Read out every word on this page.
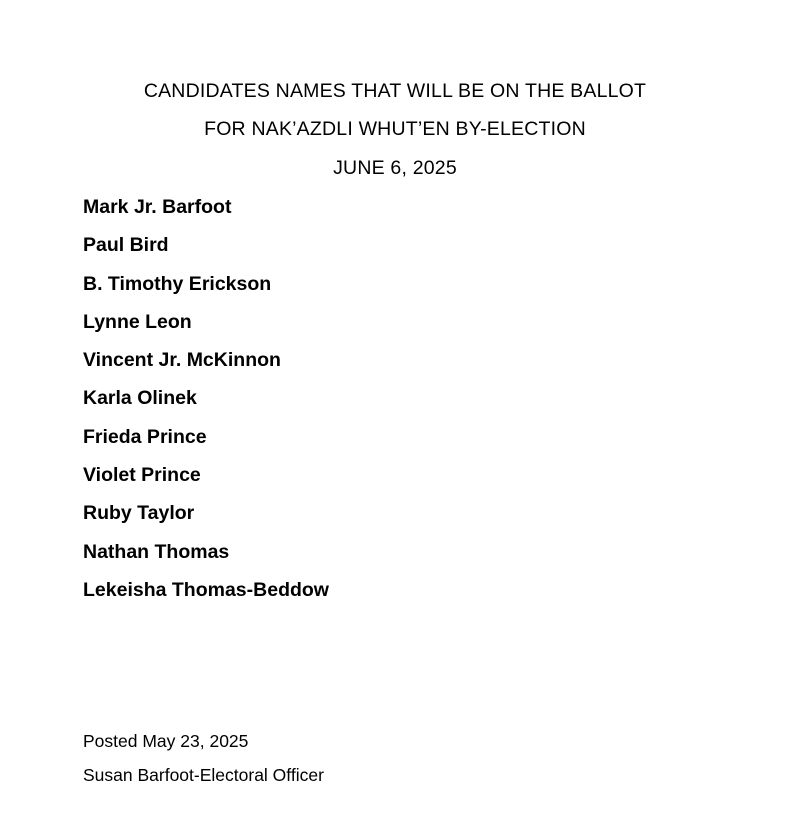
CANDIDATES NAMES THAT WILL BE ON THE BALLOT
FOR NAK’AZDLI WHUT’EN BY-ELECTION
JUNE 6, 2025
Mark Jr. Barfoot
Paul Bird
B. Timothy Erickson
Lynne Leon
Vincent Jr. McKinnon
Karla Olinek
Frieda Prince
Violet Prince
Ruby Taylor
Nathan Thomas
Lekeisha Thomas-Beddow
Posted May 23, 2025
Susan Barfoot-Electoral Officer
